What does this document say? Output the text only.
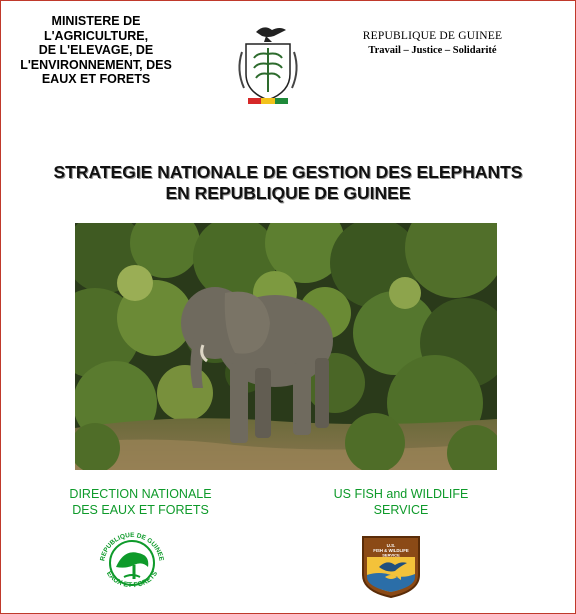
MINISTERE DE
L'AGRICULTURE,
DE L'ELEVAGE, DE
L'ENVIRONNEMENT, DES
EAUX ET FORETS
REPUBLIQUE DE GUINEE
Travail – Justice – Solidarité
STRATEGIE NATIONALE DE GESTION DES ELEPHANTS
EN REPUBLIQUE DE GUINEE
DIRECTION NATIONALE
DES EAUX ET FORETS
US FISH and WILDLIFE
SERVICE
REPUBLIQUE DE GUINEE
EAUX ET FORETS
U.S.
FISH & WILDLIFE
SERVICE
